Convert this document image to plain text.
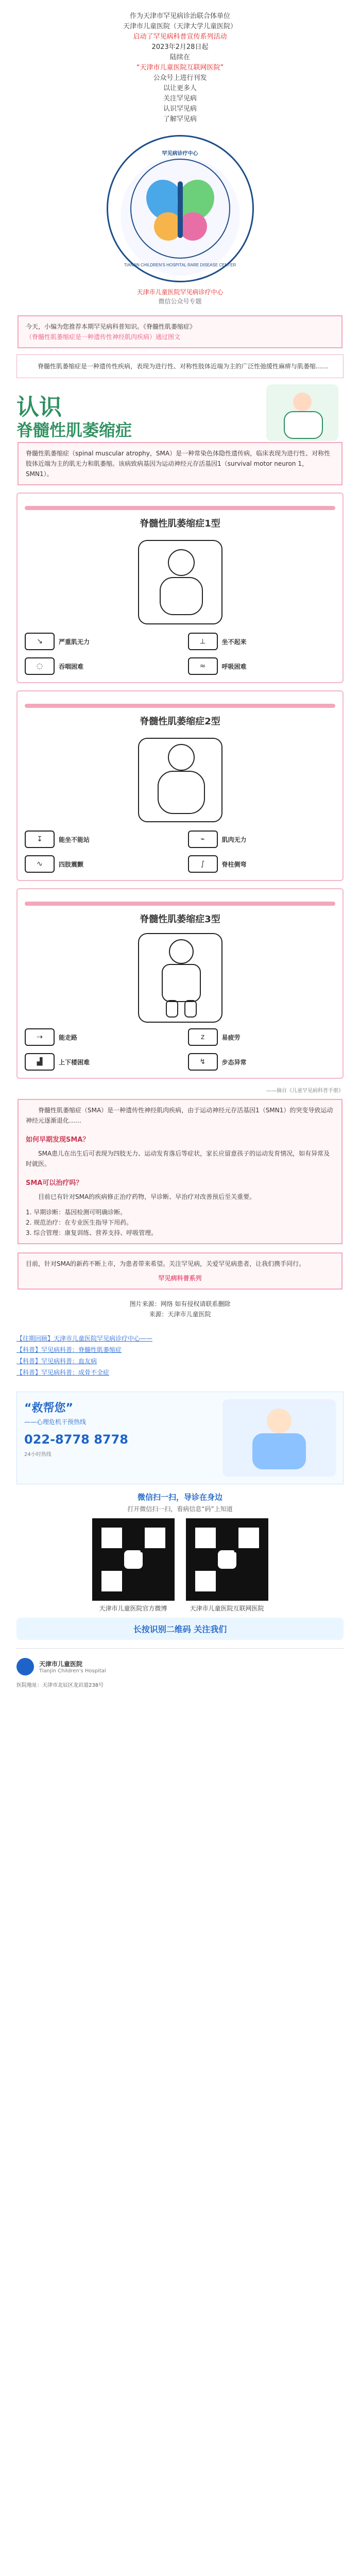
作为天津市罕见病诊治联合体单位
天津市儿童医院（天津大学儿童医院）
启动了罕见病科普宣传系列活动
2023年2月28日起
陆续在
“天津市儿童医院互联网医院”
公众号上进行刊发
以让更多人
关注罕见病
认识罕见病
了解罕见病
罕见病诊疗中心
TIANJIN CHILDREN'S HOSPITAL RARE DISEASE CENTER
天津市儿童医院罕见病诊疗中心
微信公众号专题
今天，小编为您推荐本期罕见病科普知识。《脊髓性肌萎缩症》
（脊髓性肌萎缩症是一种遗传性神经肌肉疾病）通过图文

脊髓性肌萎缩症是一种遗传性疾病，表现为进行性、对称性肢体近端为主的广泛性弛缓性麻痹与肌萎缩……

认识
脊髓性肌萎缩症
脊髓性肌萎缩症（spinal muscular atrophy，SMA）是一种常染色体隐性遗传病，临床表现为进行性、对称性肢体近端为主的肌无力和肌萎缩。该病致病基因为运动神经元存活基因1（survival motor neuron 1，SMN1）。
脊髓性肌萎缩症1型
↘	严重肌无力	⟂	坐不起来
◌	吞咽困难	≈	呼吸困难
脊髓性肌萎缩症2型
↧	能坐不能站	⌁	肌肉无力
∿	四肢震颤	∫	脊柱侧弯
脊髓性肌萎缩症3型
⇢	能走路	z	易疲劳
▟	上下楼困难	↯	步态异常
——摘自《儿童罕见病科普手册》
脊髓性肌萎缩症（SMA）是一种遗传性神经肌肉疾病，由于运动神经元存活基因1（SMN1）的突变导致运动神经元逐渐退化……
如何早期发现SMA？
SMA患儿在出生后可表现为四肢无力、运动发育落后等症状，家长应留意孩子的运动发育情况，如有异常及时就医。
SMA可以治疗吗？
目前已有针对SMA的疾病修正治疗药物，早诊断、早治疗对改善预后至关重要。

1. 早期诊断：基因检测可明确诊断。

2. 规范治疗：在专业医生指导下用药。

3. 综合管理：康复训练、营养支持、呼吸管理。

目前，针对SMA的新药不断上市，为患者带来希望。关注罕见病，关爱罕见病患者，让我们携手同行。
罕见病科普系列
图片来源：网络 如有侵权请联系删除
来源：天津市儿童医院
【往期回顾】天津市儿童医院罕见病诊疗中心——
【科普】罕见病科普：脊髓性肌萎缩症
【科普】罕见病科普：血友病
【科普】罕见病科普：成骨不全症
“救帮您”
——心理危机干预热线
022-8778 8778
24小时热线
微信扫一扫，导诊在身边
打开微信扫一扫，看病信息“码”上知道
天津市儿童医院官方微博	天津市儿童医院互联网医院
长按识别二维码 关注我们
天津市儿童医院
Tianjin Children's Hospital
医院地址：天津市北辰区龙岩道238号
